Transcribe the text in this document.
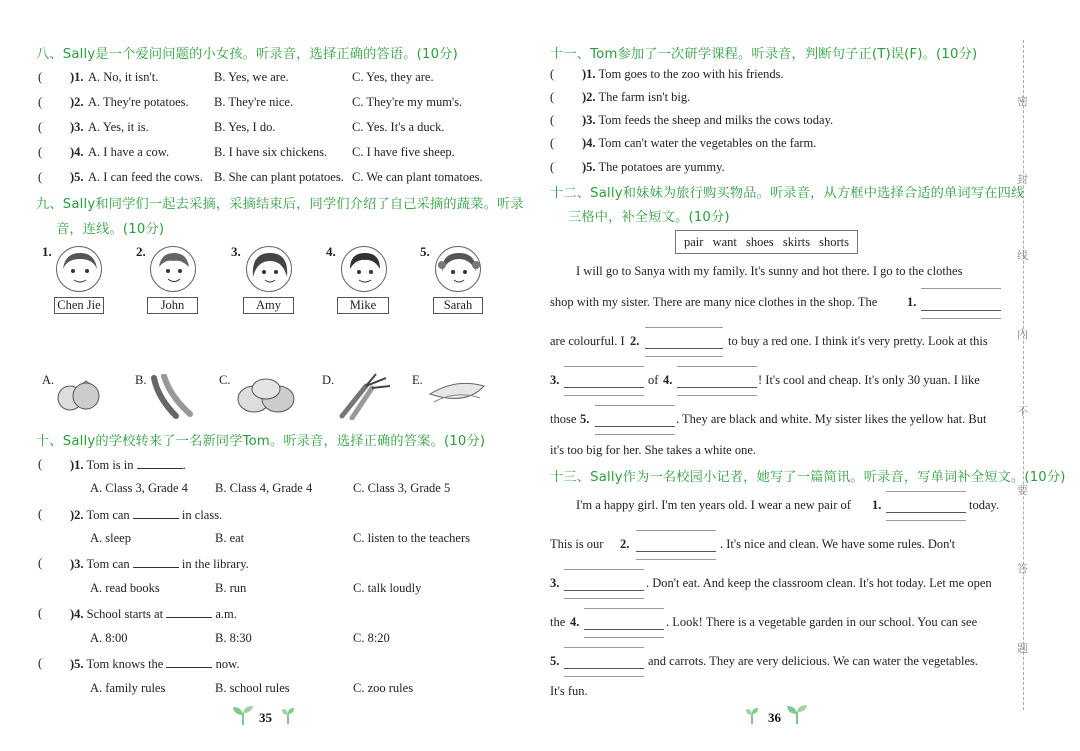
八、Sally是一个爱问问题的小女孩。听录音，选择正确的答语。(10分)
( )1. A. No, it isn't.	B. Yes, we are.	C. Yes, they are.
( )2. A. They're potatoes. B. They're nice.	C. They're my mum's.
( )3. A. Yes, it is.	B. Yes, I do.	C. Yes. It's a duck.
( )4. A. I have a cow.	B. I have six chickens. C. I have five sheep.
( )5. A. I can feed the cows. B. She can plant potatoes. C. We can plant tomatoes.
九、Sally和同学们一起去采摘，采摘结束后，同学们介绍了自己采摘的蔬菜。听录
音，连线。(10分)
1.
Chen Jie
2.
John
3.
Amy
4.
Mike
5.
Sarah
A.	B.	C.	D.	E.
十、Sally的学校转来了一名新同学Tom。听录音，选择正确的答案。(10分)
( )1. Tom is in	.
A. Class 3, Grade 4 B. Class 4, Grade 4	C. Class 3, Grade 5
( )2. Tom can	in class.
A. sleep	B. eat	C. listen to the teachers
( )3. Tom can	in the library.
A. read books	B. run	C. talk loudly
( )4. School starts at	a.m.
A. 8:00	B. 8:30	C. 8:20
( )5. Tom knows the	now.
A. family rules	B. school rules	C. zoo rules
35
十一、Tom参加了一次研学课程。听录音，判断句子正(T)误(F)。(10分)
( )1. Tom goes to the zoo with his friends.
( )2. The farm isn't big.
( )3. Tom feeds the sheep and milks the cows today.
( )4. Tom can't water the vegetables on the farm.
( )5. The potatoes are yummy.
十二、Sally和妹妹为旅行购买物品。听录音，从方框中选择合适的单词写在四线
三格中，补全短文。(10分)
pair want shoes skirts shorts
I will go to Sanya with my family. It's sunny and hot there. I go to the clothes
shop with my sister. There are many nice clothes in the shop. The 1.
are colourful. I 2.	to buy a red one. I think it's very pretty. Look at this
3.	of 4.	! It's cool and cheap. It's only 30 yuan. I like
those 5.	. They are black and white. My sister likes the yellow hat. But
it's too big for her. She takes a white one.
十三、Sally作为一名校园小记者，她写了一篇简讯。听录音，写单词补全短文。(10分)
I'm a happy girl. I'm ten years old. I wear a new pair of 1.	today.
This is our 2.	. It's nice and clean. We have some rules. Don't
3.	. Don't eat. And keep the classroom clean. It's hot today. Let me open
the 4.	. Look! There is a vegetable garden in our school. You can see
5.	and carrots. They are very delicious. We can water the vegetables.
It's fun.
36
密
封
线
内
不
要
答
题
